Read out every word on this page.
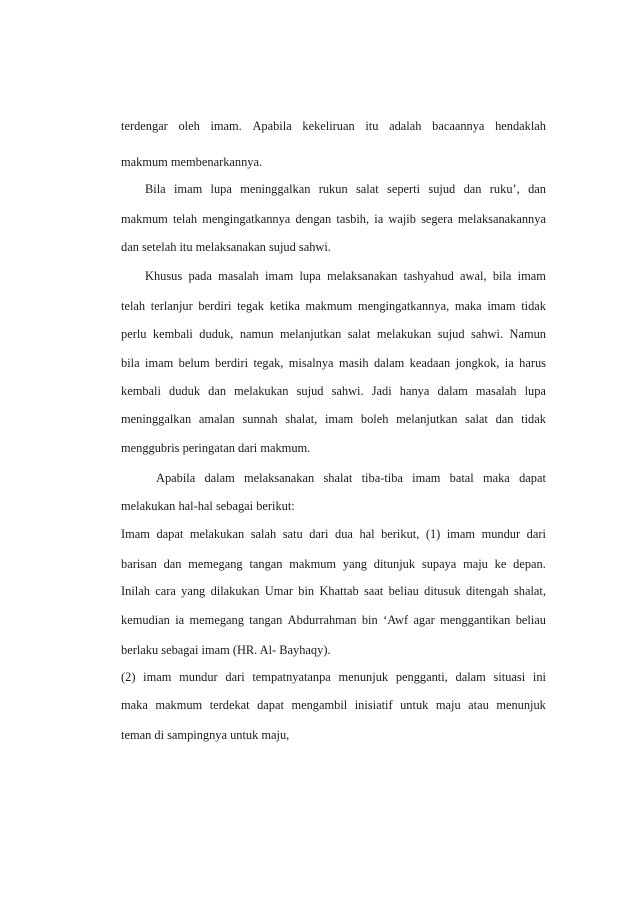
terdengar oleh imam. Apabila kekeliruan itu adalah bacaannya hendaklah
makmum membenarkannya.
Bila imam lupa meninggalkan rukun salat seperti sujud dan ruku’, dan
makmum telah mengingatkannya dengan tasbih, ia wajib segera melaksanakannya
dan setelah itu melaksanakan sujud sahwi.
Khusus pada masalah imam lupa melaksanakan tashyahud awal, bila imam
telah terlanjur berdiri tegak ketika makmum mengingatkannya, maka imam tidak
perlu kembali duduk, namun melanjutkan salat melakukan sujud sahwi. Namun
bila imam belum berdiri tegak, misalnya masih dalam keadaan jongkok, ia harus
kembali duduk dan melakukan sujud sahwi. Jadi hanya dalam masalah lupa
meninggalkan amalan sunnah shalat, imam boleh melanjutkan salat dan tidak
menggubris peringatan dari makmum.
Apabila dalam melaksanakan shalat tiba-tiba imam batal maka dapat
melakukan hal-hal sebagai berikut:
Imam dapat melakukan salah satu dari dua hal berikut, (1) imam mundur dari
barisan dan memegang tangan makmum yang ditunjuk supaya maju ke depan.
Inilah cara yang dilakukan Umar bin Khattab saat beliau ditusuk ditengah shalat,
kemudian ia memegang tangan Abdurrahman bin ‘Awf agar menggantikan beliau
berlaku sebagai imam (HR. Al- Bayhaqy).
(2) imam mundur dari tempatnyatanpa menunjuk pengganti, dalam situasi ini
maka makmum terdekat dapat mengambil inisiatif untuk maju atau menunjuk
teman di sampingnya untuk maju,
